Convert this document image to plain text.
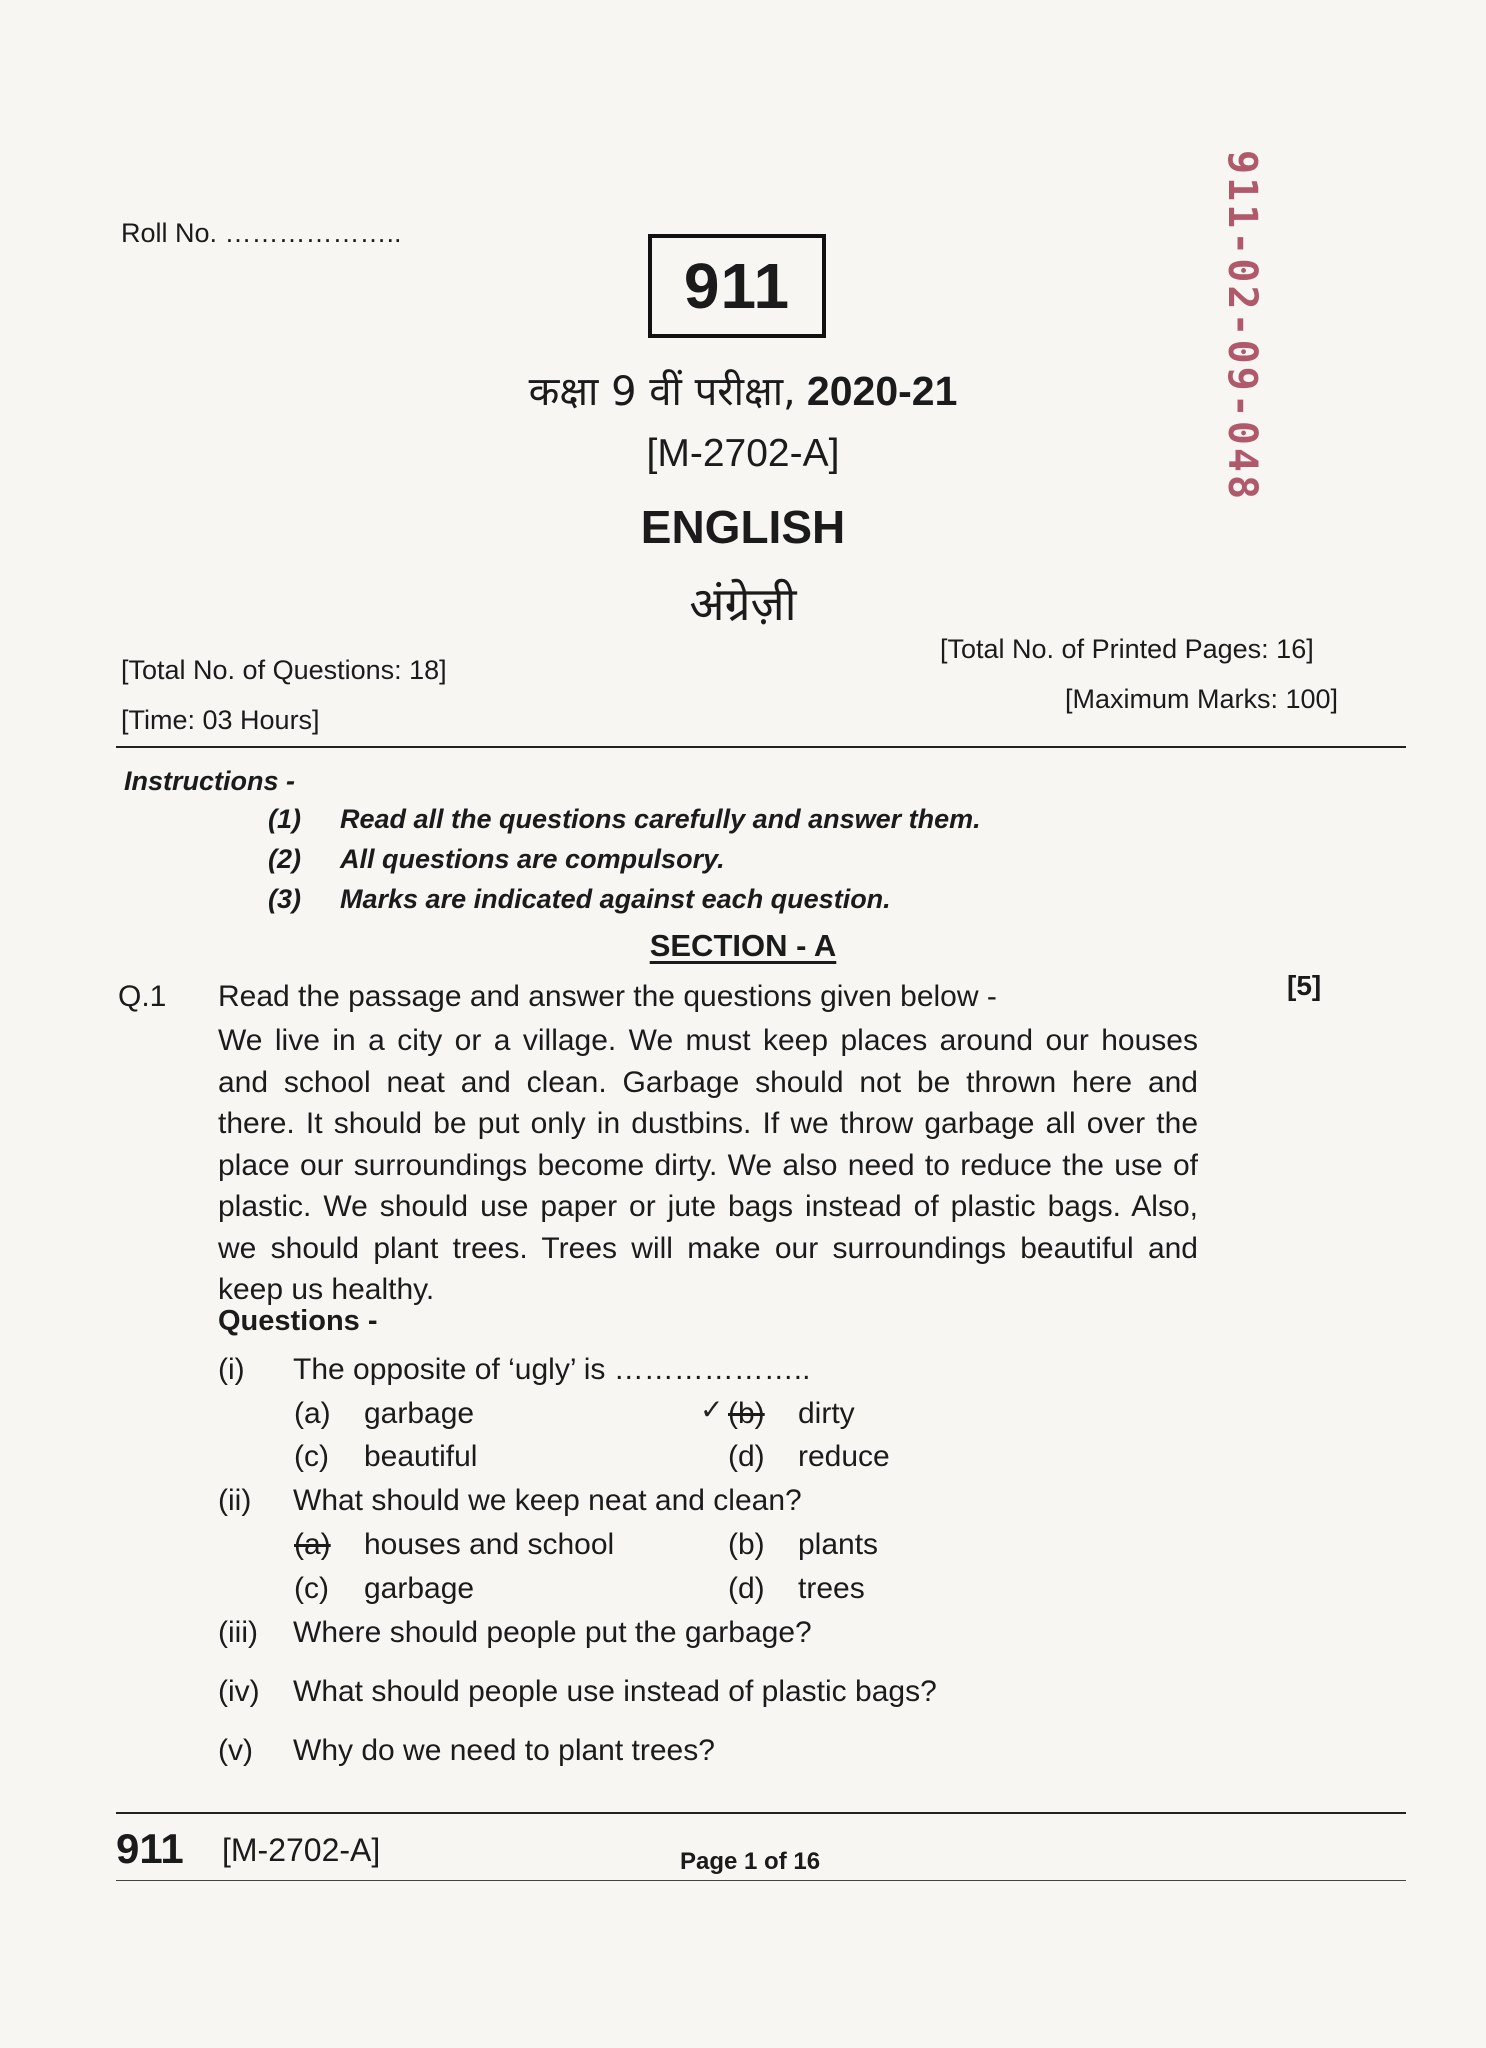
Roll No. ………………..
911	911-02-09-048
कक्षा 9 वीं परीक्षा, 2020-21
[M-2702-A]
ENGLISH
अंग्रेज़ी
[Total No. of Questions: 18]
[Total No. of Printed Pages: 16]
[Time: 03 Hours]
[Maximum Marks: 100]
Instructions -
(1) Read all the questions carefully and answer them.
(2) All questions are compulsory.
(3) Marks are indicated against each question.
SECTION - A
Q.1 Read the passage and answer the questions given below -	[5]
We live in a city or a village. We must keep places around our houses and school neat and clean. Garbage should not be thrown here and there. It should be put only in dustbins. If we throw garbage all over the place our surroundings become dirty. We also need to reduce the use of plastic. We should use paper or jute bags instead of plastic bags. Also, we should plant trees. Trees will make our surroundings beautiful and keep us healthy.
Questions -
(i) The opposite of ‘ugly’ is ………………..
(a) garbage	✓ (b) dirty
(c) beautiful	(d) reduce
(ii) What should we keep neat and clean?
(a) houses and school	(b) plants
(c) garbage	(d) trees
(iii) Where should people put the garbage?
(iv) What should people use instead of plastic bags?
(v) Why do we need to plant trees?
911 [M-2702-A]	Page 1 of 16
